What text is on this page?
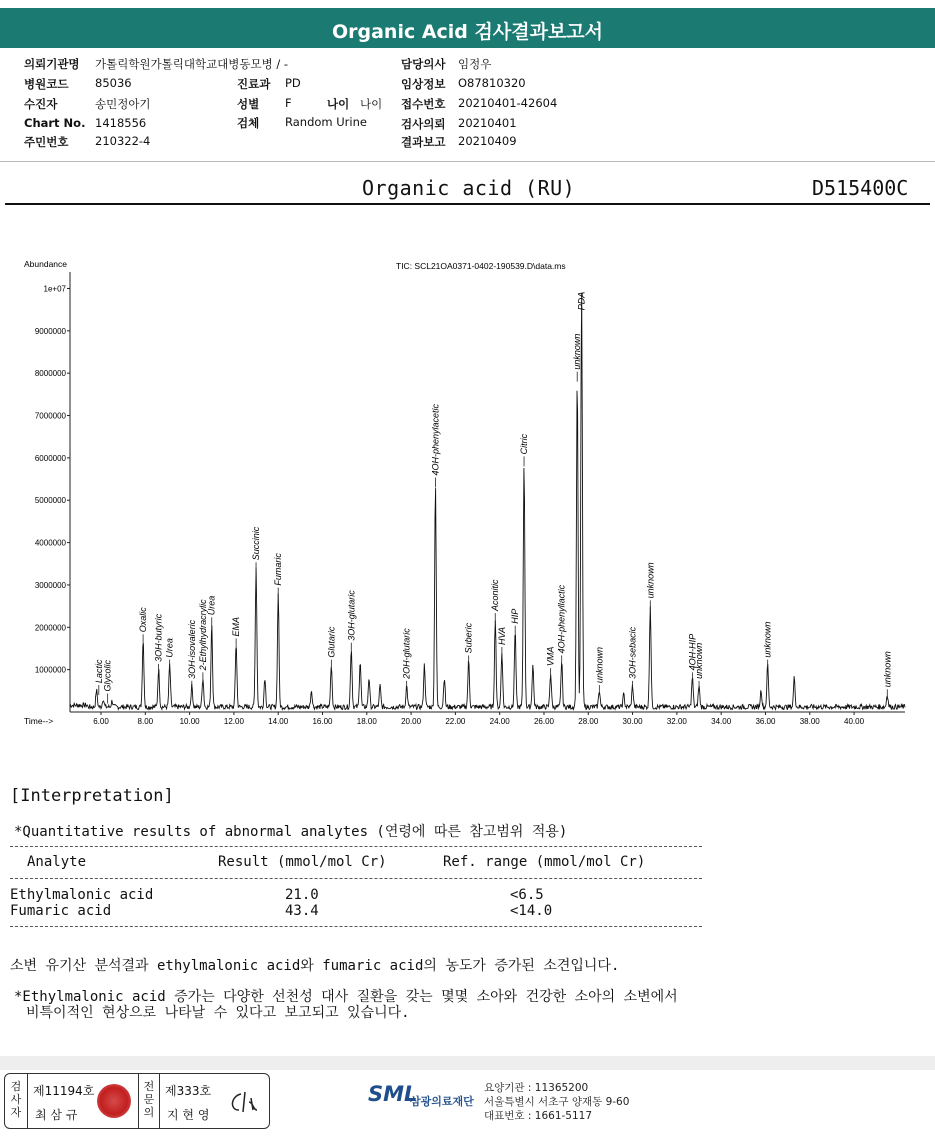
Organic Acid 검사결과보고서
의뢰기관명 가톨릭학원가톨릭대학교대병동모병 / -
병원코드 85036
수진자	송민정아기
Chart No. 1418556
주민번호 210322-4
진료과 PD
성별 F	나이 나이
검체 Random Urine
담당의사 임정우
임상정보 O87810320
접수번호 20210401-42604
검사의뢰 20210401
결과보고 20210409
Organic acid (RU)	D515400C
Abundance	TIC: SCL21OA0371-0402-190539.D\data.ms
Time-->
1000000
2000000
3000000
4000000
5000000
6000000
7000000
8000000
9000000
1e+07
6.00	8.00	10.00	12.00	14.00	16.00	18.00	20.00	22.00	24.00	26.00	28.00	30.00	32.00	34.00	36.00	38.00	40.00
Lactic
Glycolic
Oxalic 3OH-butyric Urea 3OH-isovaleric 2-Ethylhydracrylic
Urea
EMA
Succinic
Fumaric
Glutaric
3OH-glutaric
2OH-glutaric
4OH-phenylacetic
Suberic
Aconitic
HVA
HIP
Citric
VMA
4OH-phenyllactic
unknown
PDA
unknown	3OH-sebacic
unknown
4OH-HIP
unknown
unknown
unknown
[Interpretation]
*Quantitative results of abnormal analytes (연령에 따른 참고범위 적용)
Analyte	Result (mmol/mol Cr)	Ref. range (mmol/mol Cr)
Ethylmalonic acid	21.0	<6.5
Fumaric acid	43.4	<14.0
소변 유기산 분석결과 ethylmalonic acid와 fumaric acid의 농도가 증가된 소견입니다.
*Ethylmalonic acid 증가는 다양한 선천성 대사 질환을 갖는 몇몇 소아와 건강한 소아의 소변에서
비특이적인 현상으로 나타날 수 있다고 보고되고 있습니다.
검사자
제11194호
최 삼 규
전문의
제333호
지 현 영
SML
삼광의료재단
요양기관 : 11365200
서울특별시 서초구 양재동 9-60
대표번호 : 1661-5117
